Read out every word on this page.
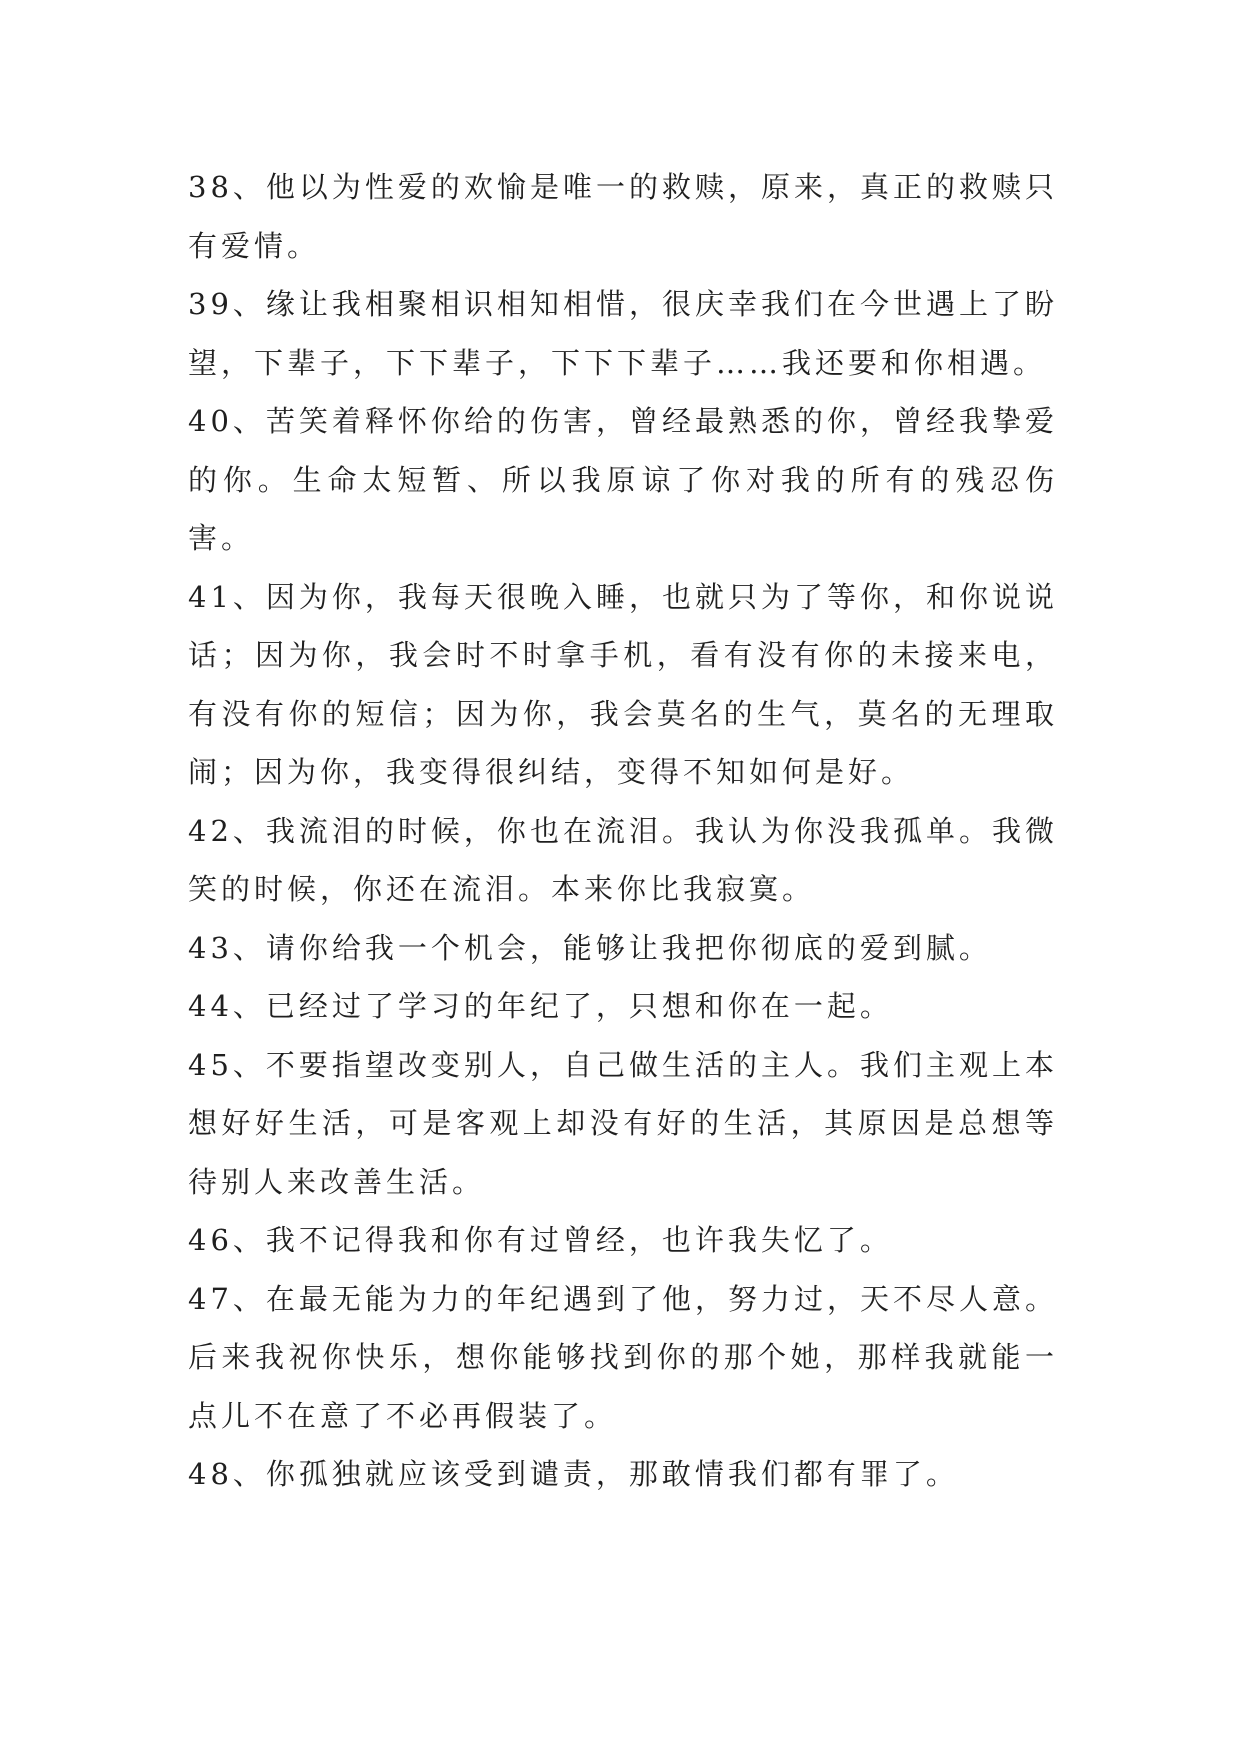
38、他以为性爱的欢愉是唯一的救赎，原来，真正的救赎只有爱情。

39、缘让我相聚相识相知相惜，很庆幸我们在今世遇上了盼望，下辈子，下下辈子，下下下辈子……我还要和你相遇。

40、苦笑着释怀你给的伤害，曾经最熟悉的你，曾经我挚爱的你。生命太短暂、所以我原谅了你对我的所有的残忍伤害。

41、因为你，我每天很晚入睡，也就只为了等你，和你说说话；因为你，我会时不时拿手机，看有没有你的未接来电，有没有你的短信；因为你，我会莫名的生气，莫名的无理取闹；因为你，我变得很纠结，变得不知如何是好。

42、我流泪的时候，你也在流泪。我认为你没我孤单。我微笑的时候，你还在流泪。本来你比我寂寞。

43、请你给我一个机会，能够让我把你彻底的爱到腻。

44、已经过了学习的年纪了，只想和你在一起。

45、不要指望改变别人，自己做生活的主人。我们主观上本想好好生活，可是客观上却没有好的生活，其原因是总想等待别人来改善生活。

46、我不记得我和你有过曾经，也许我失忆了。

47、在最无能为力的年纪遇到了他，努力过，天不尽人意。后来我祝你快乐，想你能够找到你的那个她，那样我就能一点儿不在意了不必再假装了。

48、你孤独就应该受到谴责，那敢情我们都有罪了。
